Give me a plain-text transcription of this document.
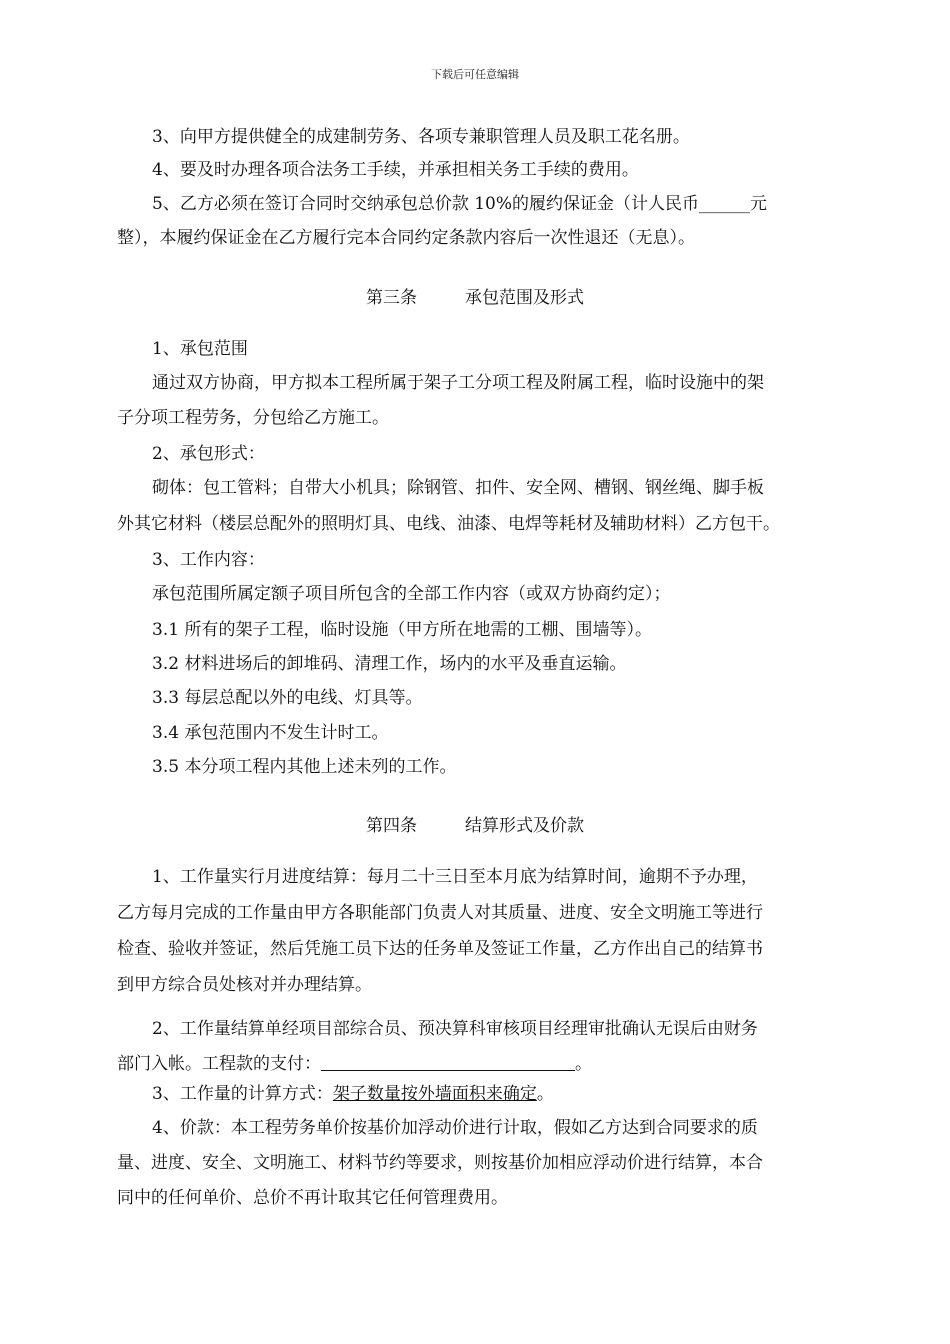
下载后可任意编辑
3、向甲方提供健全的成建制劳务、各项专兼职管理人员及职工花名册。
4、要及时办理各项合法务工手续，并承担相关务工手续的费用。
5、乙方必须在签订合同时交纳承包总价款 10%的履约保证金（计人民币______元
整），本履约保证金在乙方履行完本合同约定条款内容后一次性退还（无息）。
第三条	承包范围及形式
1、承包范围
通过双方协商，甲方拟本工程所属于架子工分项工程及附属工程，临时设施中的架
子分项工程劳务，分包给乙方施工。
2、承包形式：
砌体：包工管料；自带大小机具；除钢管、扣件、安全网、槽钢、钢丝绳、脚手板
外其它材料（楼层总配外的照明灯具、电线、油漆、电焊等耗材及辅助材料）乙方包干。
3、工作内容：
承包范围所属定额子项目所包含的全部工作内容（或双方协商约定）；
3.1 所有的架子工程，临时设施（甲方所在地需的工棚、围墙等）。
3.2 材料进场后的卸堆码、清理工作，场内的水平及垂直运输。
3.3 每层总配以外的电线、灯具等。
3.4 承包范围内不发生计时工。
3.5 本分项工程内其他上述未列的工作。
第四条	结算形式及价款
1、工作量实行月进度结算：每月二十三日至本月底为结算时间，逾期不予办理，
乙方每月完成的工作量由甲方各职能部门负责人对其质量、进度、安全文明施工等进行
检查、验收并签证，然后凭施工员下达的任务单及签证工作量，乙方作出自己的结算书
到甲方综合员处核对并办理结算。
2、工作量结算单经项目部综合员、预决算科审核项目经理审批确认无误后由财务
部门入帐。工程款的支付：	。
3、工作量的计算方式：架子数量按外墙面积来确定。
4、价款：本工程劳务单价按基价加浮动价进行计取，假如乙方达到合同要求的质
量、进度、安全、文明施工、材料节约等要求，则按基价加相应浮动价进行结算，本合
同中的任何单价、总价不再计取其它任何管理费用。
